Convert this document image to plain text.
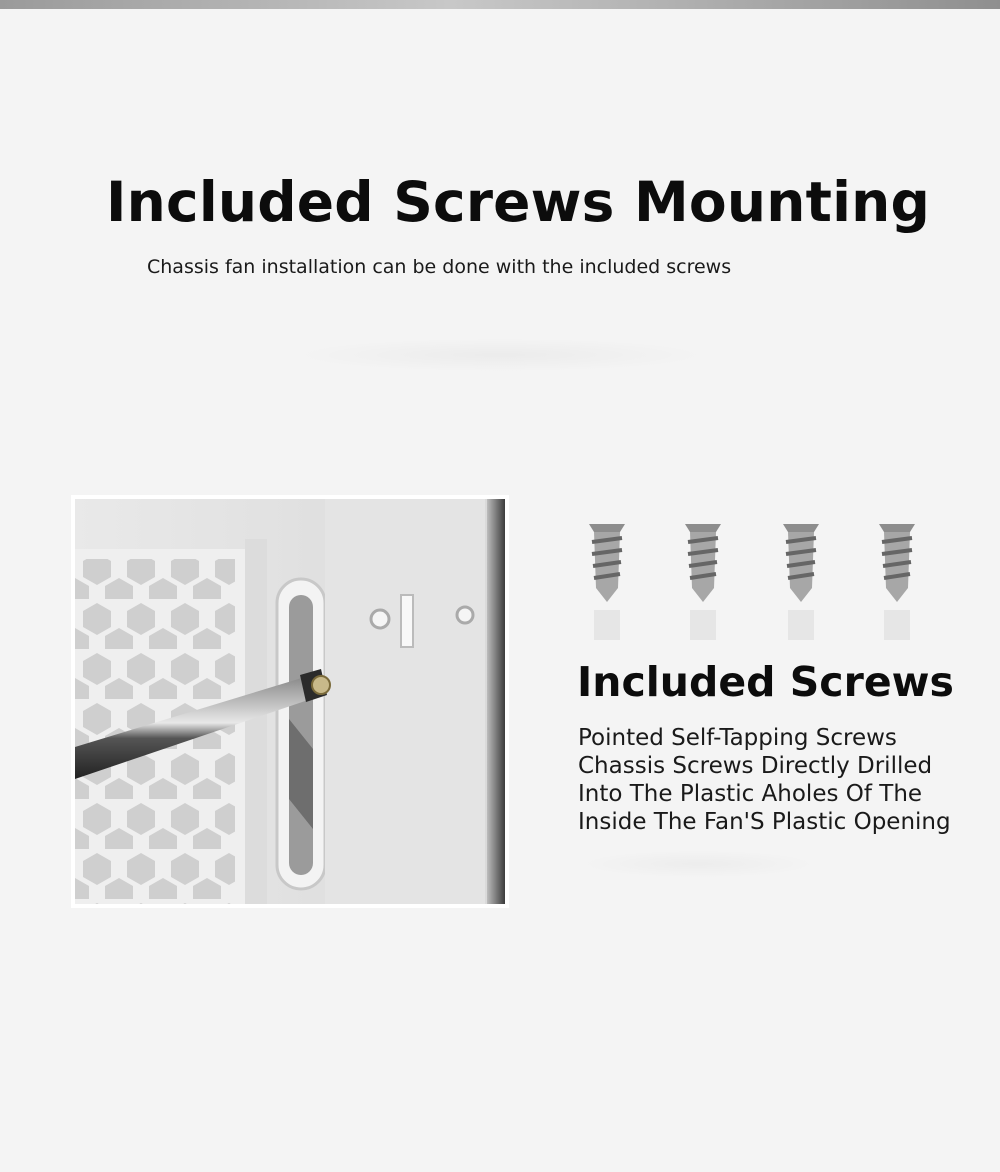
Included Screws Mounting

Chassis fan installation can be done with the included screws

Included Screws
Pointed Self-Tapping Screws
Chassis Screws Directly Drilled
Into The Plastic Aholes Of The
Inside The Fan'S Plastic Opening
